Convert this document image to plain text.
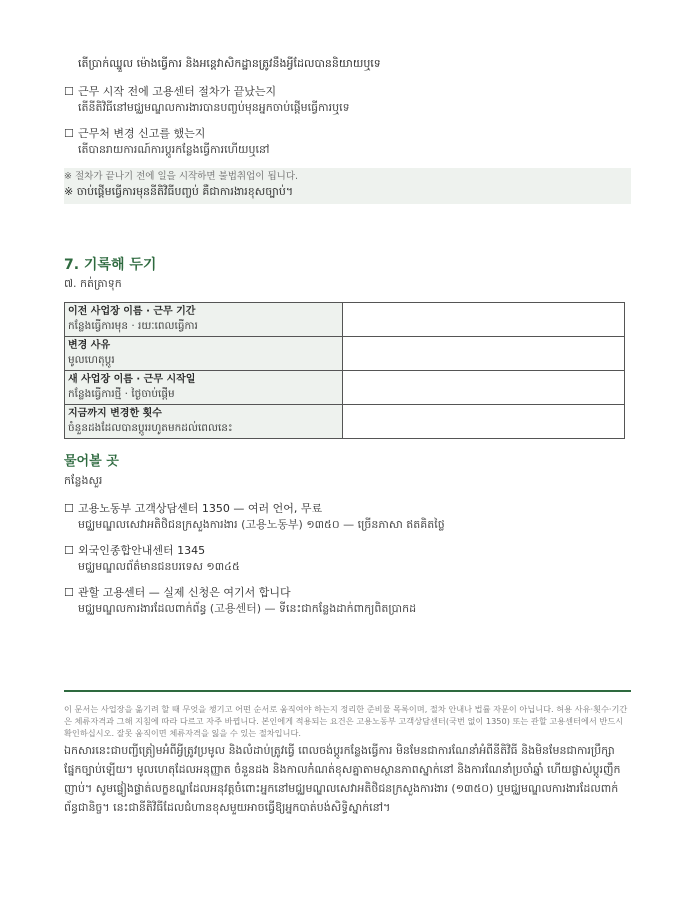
តើប្រាក់ឈ្នួល ម៉ោងធ្វើការ និងអន្តេវាសិកដ្ឋានត្រូវនឹងអ្វីដែលបាននិយាយឬទេ
☐ 근무 시작 전에 고용센터 절차가 끝났는지
តើនីតិវិធីនៅមជ្ឈមណ្ឌលការងារបានបញ្ចប់មុនអ្នកចាប់ផ្តើមធ្វើការឬទេ
☐ 근무처 변경 신고를 했는지
តើបានរាយការណ៍ការប្តូរកន្លែងធ្វើការហើយឬនៅ
※ 절차가 끝나기 전에 일을 시작하면 불법취업이 됩니다.
※ ចាប់ផ្តើមធ្វើការមុននីតិវិធីបញ្ចប់ គឺជាការងារខុសច្បាប់។
7. 기록해 두기
៧. កត់ត្រាទុក
이전 사업장 이름 · 근무 기간
កន្លែងធ្វើការមុន · រយៈពេលធ្វើការ	

변경 사유
មូលហេតុប្តូរ	

새 사업장 이름 · 근무 시작일
កន្លែងធ្វើការថ្មី · ថ្ងៃចាប់ផ្តើម	

지금까지 변경한 횟수
ចំនួនដងដែលបានប្តូររហូតមកដល់ពេលនេះ	

물어볼 곳
កន្លែងសួរ
☐ 고용노동부 고객상담센터 1350 — 여러 언어, 무료
មជ្ឈមណ្ឌលសេវាអតិថិជនក្រសួងការងារ (고용노동부) ១៣៥០ — ច្រើនភាសា ឥតគិតថ្លៃ
☐ 외국인종합안내센터 1345
មជ្ឈមណ្ឌលព័ត៌មានជនបរទេស ១៣៤៥
☐ 관할 고용센터 — 실제 신청은 여기서 합니다
មជ្ឈមណ្ឌលការងារដែលពាក់ព័ន្ធ (고용센터) — ទីនេះជាកន្លែងដាក់ពាក្យពិតប្រាកដ
이 문서는 사업장을 옮기려 할 때 무엇을 챙기고 어떤 순서로 움직여야 하는지 정리한 준비물 목록이며, 절차 안내나 법률 자문이 아닙니다. 허용 사유·횟수·기간은 체류자격과 그해 지침에 따라 다르고 자주 바뀝니다. 본인에게 적용되는 요건은 고용노동부 고객상담센터(국번 없이 1350) 또는 관할 고용센터에서 반드시 확인하십시오. 잘못 움직이면 체류자격을 잃을 수 있는 절차입니다.
ឯកសារនេះជាបញ្ជីត្រៀមអំពីអ្វីត្រូវប្រមូល និងលំដាប់ត្រូវធ្វើ ពេលចង់ប្តូរកន្លែងធ្វើការ មិនមែនជាការណែនាំអំពីនីតិវិធី និងមិនមែនជាការប្រឹក្សាផ្នែកច្បាប់ឡើយ។ មូលហេតុដែលអនុញ្ញាត ចំនួនដង និងកាលកំណត់ខុសគ្នាតាមស្ថានភាពស្នាក់នៅ និងការណែនាំប្រចាំឆ្នាំ ហើយផ្លាស់ប្តូរញឹកញាប់។ សូមផ្ទៀងផ្ទាត់លក្ខខណ្ឌដែលអនុវត្តចំពោះអ្នកនៅមជ្ឈមណ្ឌលសេវាអតិថិជនក្រសួងការងារ (១៣៥០) ឬមជ្ឈមណ្ឌលការងារដែលពាក់ព័ន្ធជានិច្ច។ នេះជានីតិវិធីដែលជំហានខុសមួយអាចធ្វើឱ្យអ្នកបាត់បង់សិទ្ធិស្នាក់នៅ។
